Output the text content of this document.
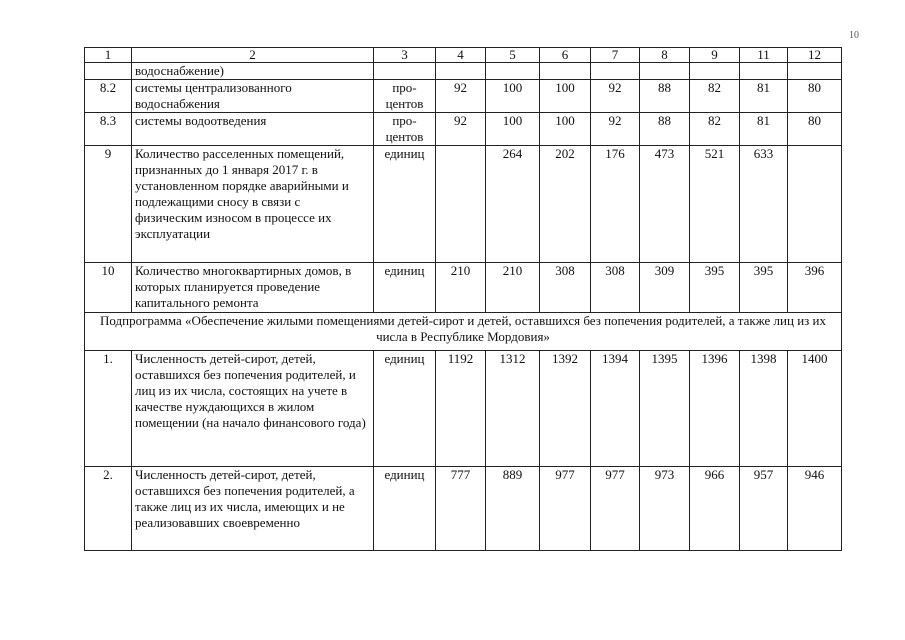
10
1	2	3	4	5	6	7	8	9	11	12
	водоснабжение)									
8.2	системы централизованного водоснабжения	про-центов	92	100	100	92	88	82	81	80
8.3	системы водоотведения	про-центов	92	100	100	92	88	82	81	80
9	Количество расселенных помещений, признанных до 1 января 2017 г. в установленном порядке аварийными и подлежащими сносу в связи с физическим износом в процессе их эксплуатации	единиц		264	202	176	473	521	633	
10	Количество многоквартирных домов, в которых планируется проведение капитального ремонта	единиц	210	210	308	308	309	395	395	396
Подпрограмма «Обеспечение жилыми помещениями детей-сирот и детей, оставшихся без попечения родителей, а также лиц из их числа в Республике Мордовия»										
1.	Численность детей-сирот, детей, оставшихся без попечения родителей, и лиц из их числа, состоящих на учете в качестве нуждающихся в жилом помещении (на начало финансового года)	единиц	1192	1312	1392	1394	1395	1396	1398	1400
2.	Численность детей-сирот, детей, оставшихся без попечения родителей, а также лиц из их числа, имеющих и не реализовавших своевременно	единиц	777	889	977	977	973	966	957	946
